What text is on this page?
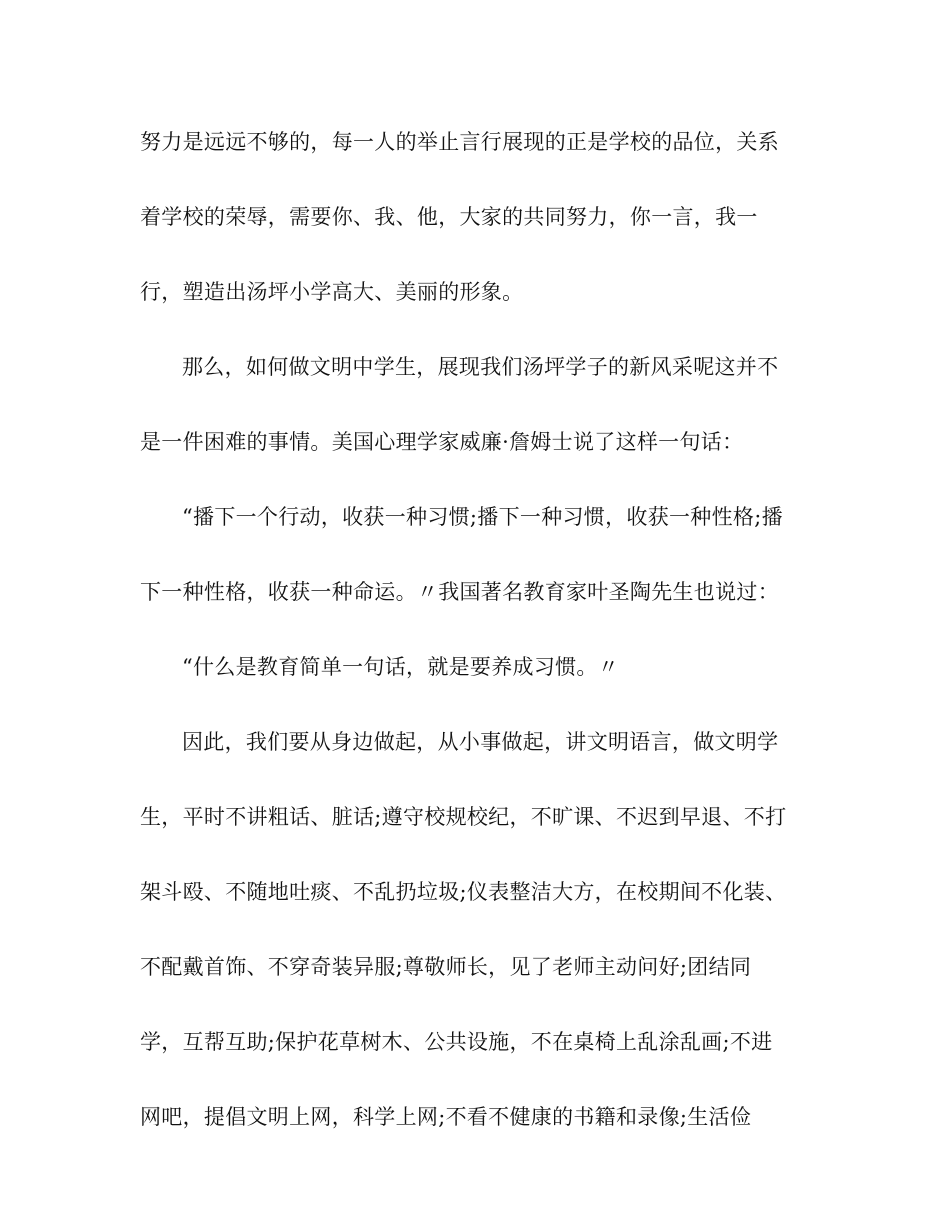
努力是远远不够的，每一人的举止言行展现的正是学校的品位，关系
着学校的荣辱，需要你、我、他，大家的共同努力，你一言，我一
行，塑造出汤坪小学高大、美丽的形象。
那么，如何做文明中学生，展现我们汤坪学子的新风采呢这并不
是一件困难的事情。美国心理学家威廉·詹姆士说了这样一句话：
“播下一个行动，收获一种习惯;播下一种习惯，收获一种性格;播
下一种性格，收获一种命运。〃我国著名教育家叶圣陶先生也说过：
“什么是教育简单一句话，就是要养成习惯。〃
因此，我们要从身边做起，从小事做起，讲文明语言，做文明学
生，平时不讲粗话、脏话;遵守校规校纪，不旷课、不迟到早退、不打
架斗殴、不随地吐痰、不乱扔垃圾;仪表整洁大方，在校期间不化装、
不配戴首饰、不穿奇装异服;尊敬师长，见了老师主动问好;团结同
学，互帮互助;保护花草树木、公共设施，不在桌椅上乱涂乱画;不进
网吧，提倡文明上网，科学上网;不看不健康的书籍和录像;生活俭
